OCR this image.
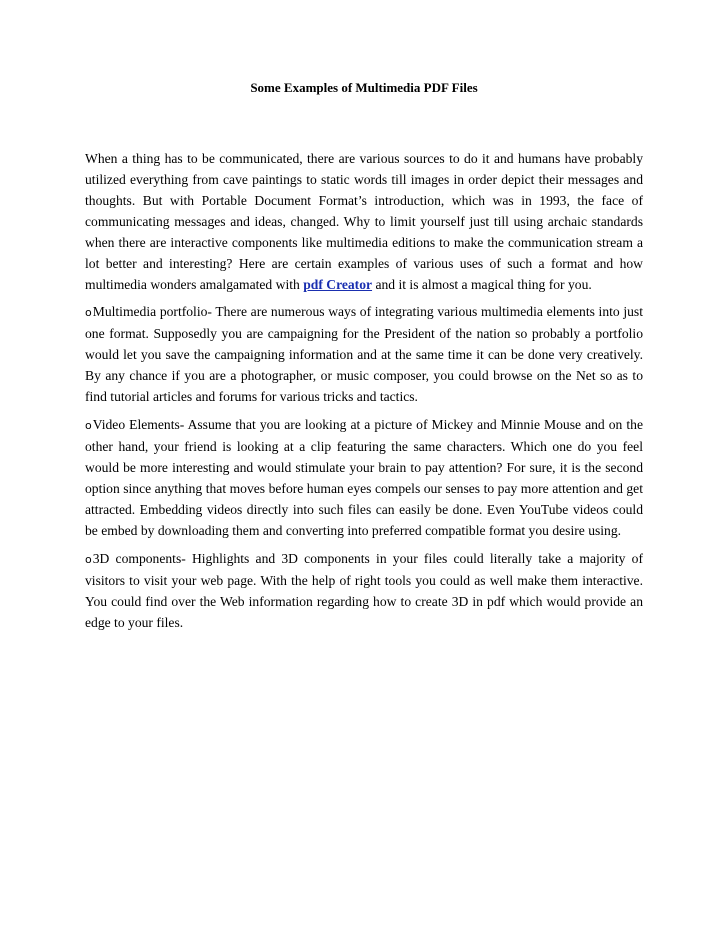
Some Examples of Multimedia PDF Files

When a thing has to be communicated, there are various sources to do it and humans have probably utilized everything from cave paintings to static words till images in order depict their messages and thoughts. But with Portable Document Format’s introduction, which was in 1993, the face of communicating messages and ideas, changed. Why to limit yourself just till using archaic standards when there are interactive components like multimedia editions to make the communication stream a lot better and interesting? Here are certain examples of various uses of such a format and how multimedia wonders amalgamated with pdf Creator and it is almost a magical thing for you.

oMultimedia portfolio- There are numerous ways of integrating various multimedia elements into just one format. Supposedly you are campaigning for the President of the nation so probably a portfolio would let you save the campaigning information and at the same time it can be done very creatively. By any chance if you are a photographer, or music composer, you could browse on the Net so as to find tutorial articles and forums for various tricks and tactics.

oVideo Elements- Assume that you are looking at a picture of Mickey and Minnie Mouse and on the other hand, your friend is looking at a clip featuring the same characters. Which one do you feel would be more interesting and would stimulate your brain to pay attention? For sure, it is the second option since anything that moves before human eyes compels our senses to pay more attention and get attracted. Embedding videos directly into such files can easily be done. Even YouTube videos could be embed by downloading them and converting into preferred compatible format you desire using.

o3D components- Highlights and 3D components in your files could literally take a majority of visitors to visit your web page. With the help of right tools you could as well make them interactive. You could find over the Web information regarding how to create 3D in pdf which would provide an edge to your files.
